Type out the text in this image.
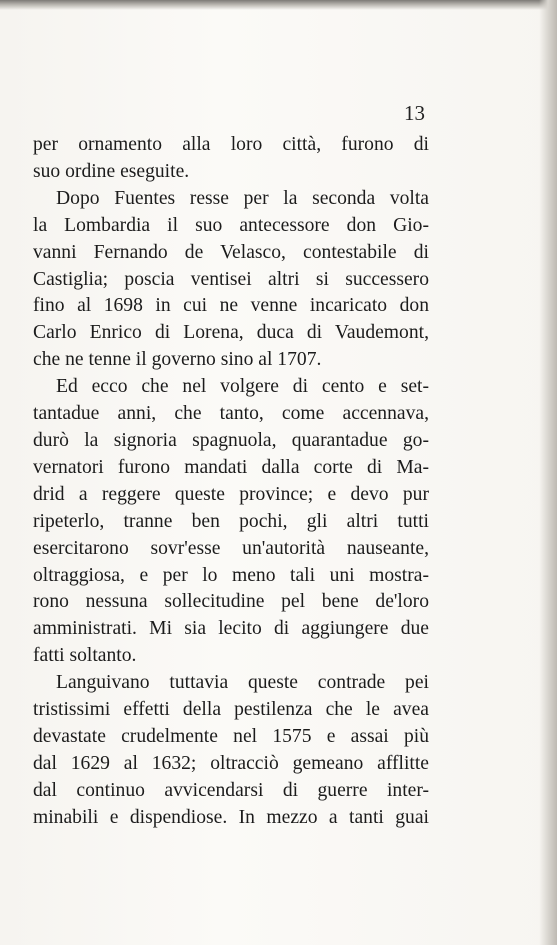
13
per ornamento alla loro città, furono di
suo ordine eseguite.
Dopo Fuentes resse per la seconda volta
la Lombardia il suo antecessore don Gio-
vanni Fernando de Velasco, contestabile di
Castiglia; poscia ventisei altri si successero
fino al 1698 in cui ne venne incaricato don
Carlo Enrico di Lorena, duca di Vaudemont,
che ne tenne il governo sino al 1707.
Ed ecco che nel volgere di cento e set-
tantadue anni, che tanto, come accennava,
durò la signoria spagnuola, quarantadue go-
vernatori furono mandati dalla corte di Ma-
drid a reggere queste province; e devo pur
ripeterlo, tranne ben pochi, gli altri tutti
esercitarono sovr'esse un'autorità nauseante,
oltraggiosa, e per lo meno tali uni mostra-
rono nessuna sollecitudine pel bene de'loro
amministrati. Mi sia lecito di aggiungere due
fatti soltanto.
Languivano tuttavia queste contrade pei
tristissimi effetti della pestilenza che le avea
devastate crudelmente nel 1575 e assai più
dal 1629 al 1632; oltracciò gemeano afflitte
dal continuo avvicendarsi di guerre inter-
minabili e dispendiose. In mezzo a tanti guai
